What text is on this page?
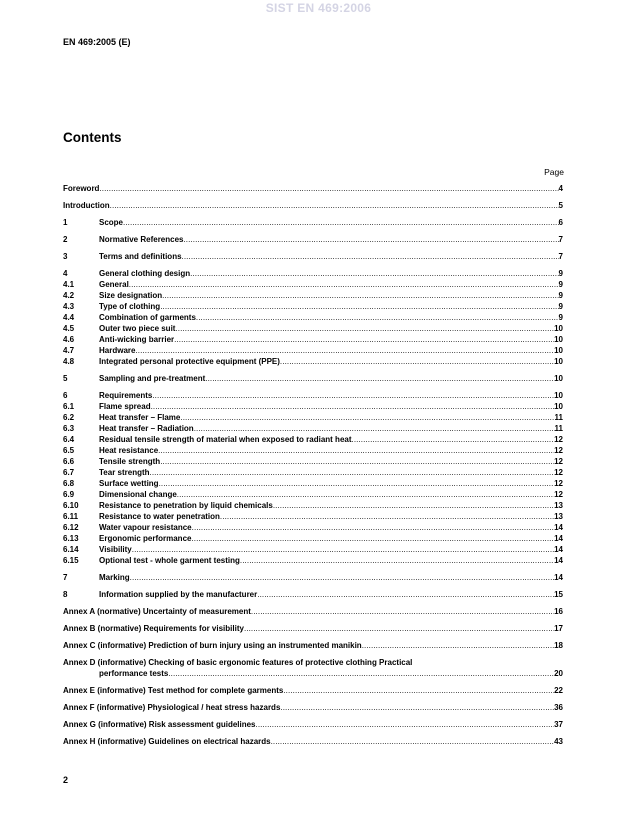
SIST EN 469:2006
EN 469:2005 (E)
Contents
Page
Foreword .....	4
Introduction .....	5
1	Scope .....	6
2	Normative References .....	7
3	Terms and definitions .....	7
4	General clothing design .....	9
4.1	General .....	9
4.2	Size designation .....	9
4.3	Type of clothing .....	9
4.4	Combination of garments .....	9
4.5	Outer two piece suit .....	10
4.6	Anti-wicking barrier .....	10
4.7	Hardware .....	10
4.8	Integrated personal protective equipment (PPE) .....	10
5	Sampling and pre-treatment .....	10
6	Requirements .....	10
6.1	Flame spread .....	10
6.2	Heat transfer – Flame .....	11
6.3	Heat transfer – Radiation .....	11
6.4	Residual tensile strength of material when exposed to radiant heat .....	12
6.5	Heat resistance .....	12
6.6	Tensile strength .....	12
6.7	Tear strength .....	12
6.8	Surface wetting .....	12
6.9	Dimensional change .....	12
6.10	Resistance to penetration by liquid chemicals .....	13
6.11	Resistance to water penetration .....	13
6.12	Water vapour resistance .....	14
6.13	Ergonomic performance .....	14
6.14	Visibility .....	14
6.15	Optional test - whole garment testing .....	14
7	Marking .....	14
8	Information supplied by the manufacturer .....	15
Annex A (normative) Uncertainty of measurement .....	16
Annex B (normative) Requirements for visibility .....	17
Annex C (informative) Prediction of burn injury using an instrumented manikin .....	18
Annex D (informative) Checking of basic ergonomic features of protective clothing Practical
performance tests .....	20
Annex E (informative) Test method for complete garments .....	22
Annex F (informative) Physiological / heat stress hazards .....	36
Annex G (informative) Risk assessment guidelines .....	37
Annex H (informative) Guidelines on electrical hazards .....	43
2
